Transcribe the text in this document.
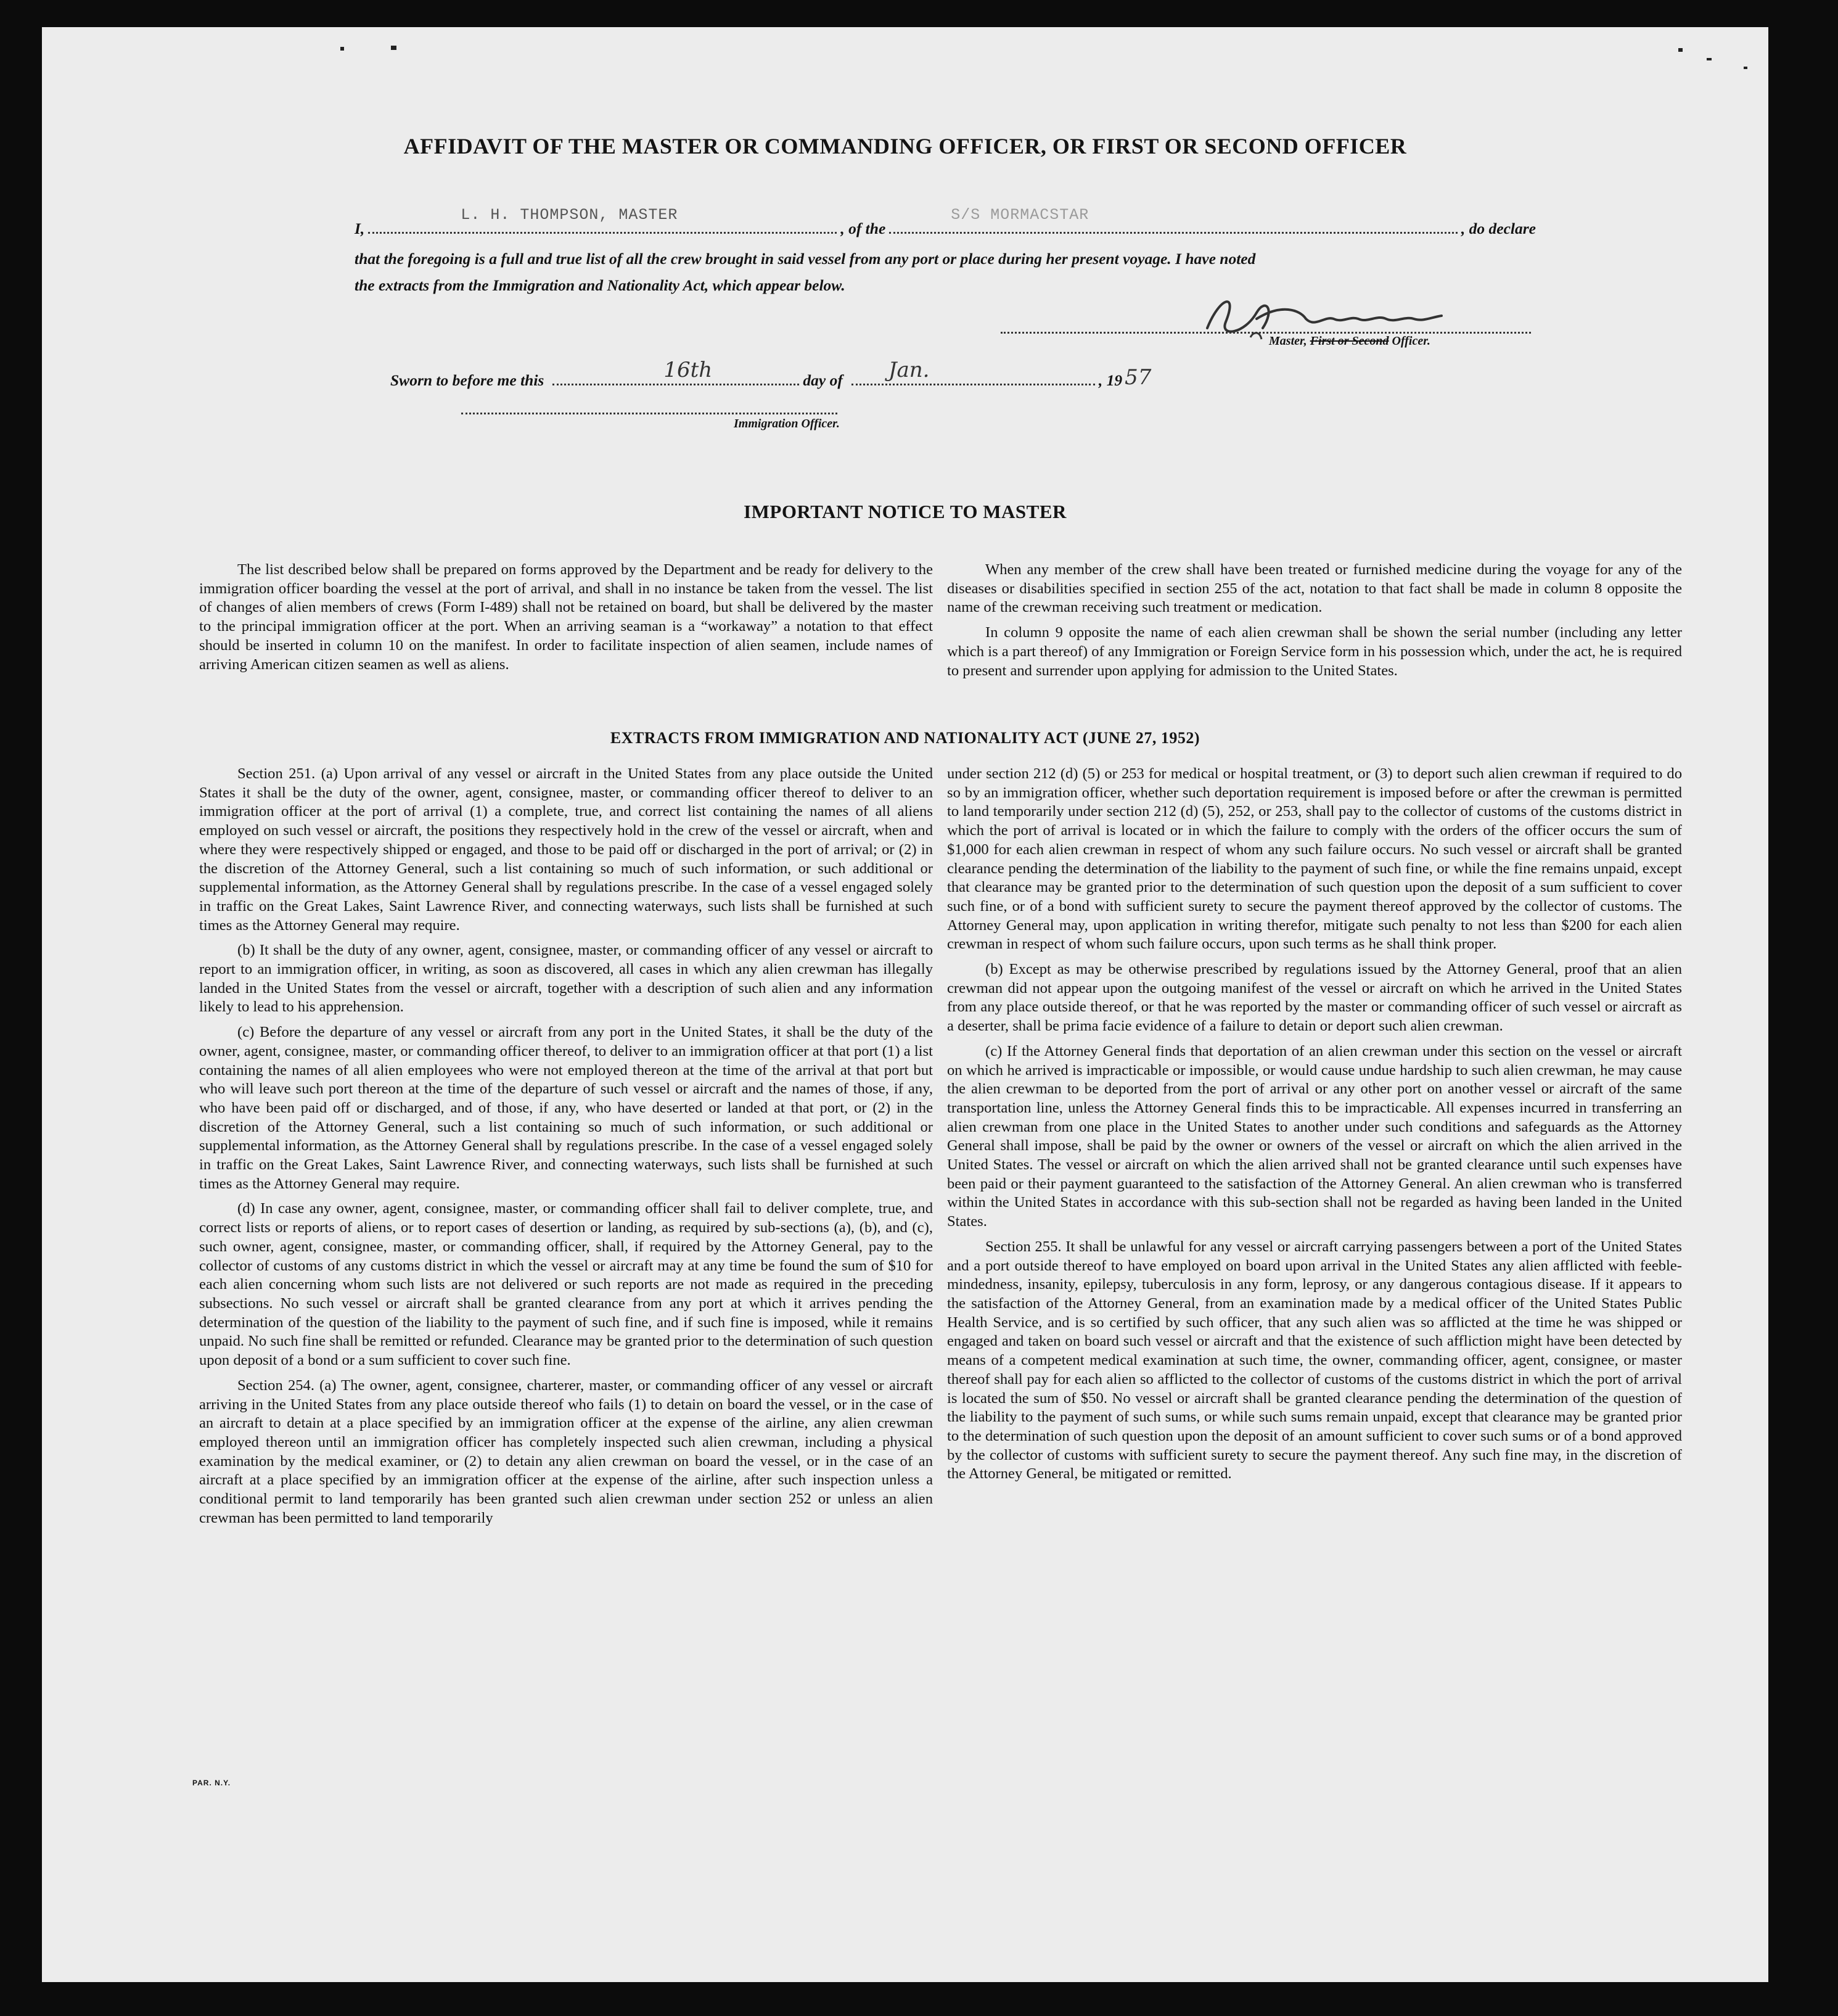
AFFIDAVIT OF THE MASTER OR COMMANDING OFFICER, OR FIRST OR SECOND OFFICER
I,
L. H. THOMPSON, MASTER
, of the
S/S MORMACSTAR
, do declare
that the foregoing is a full and true list of all the crew brought in said vessel from any port or place during her present voyage. I have noted
the extracts from the Immigration and Nationality Act, which appear below.
Master, First or Second Officer.
Sworn to before me this	16th	day of Jan.	, 19 57
Immigration Officer.
IMPORTANT NOTICE TO MASTER

The list described below shall be prepared on forms approved by the Department and be ready for delivery to the immigration officer boarding the vessel at the port of arrival, and shall in no instance be taken from the vessel. The list of changes of alien members of crews (Form I-489) shall not be retained on board, but shall be delivered by the master to the principal immigration officer at the port. When an arriving seaman is a “workaway” a notation to that effect should be inserted in column 10 on the manifest. In order to facilitate inspection of alien seamen, include names of arriving American citizen seamen as well as aliens.

When any member of the crew shall have been treated or furnished medicine during the voyage for any of the diseases or disabilities specified in section 255 of the act, notation to that fact shall be made in column 8 opposite the name of the crewman receiving such treatment or medication.

In column 9 opposite the name of each alien crewman shall be shown the serial number (including any letter which is a part thereof) of any Immigration or Foreign Service form in his possession which, under the act, he is required to present and surrender upon applying for admission to the United States.

EXTRACTS FROM IMMIGRATION AND NATIONALITY ACT (JUNE 27, 1952)

Section 251. (a) Upon arrival of any vessel or aircraft in the United States from any place outside the United States it shall be the duty of the owner, agent, consignee, master, or commanding officer thereof to deliver to an immigration officer at the port of arrival (1) a complete, true, and correct list containing the names of all aliens employed on such vessel or aircraft, the positions they respectively hold in the crew of the vessel or aircraft, when and where they were respectively shipped or engaged, and those to be paid off or discharged in the port of arrival; or (2) in the discretion of the Attorney General, such a list containing so much of such information, or such additional or supplemental information, as the Attorney General shall by regulations prescribe. In the case of a vessel engaged solely in traffic on the Great Lakes, Saint Lawrence River, and connecting waterways, such lists shall be furnished at such times as the Attorney General may require.

(b) It shall be the duty of any owner, agent, consignee, master, or commanding officer of any vessel or aircraft to report to an immigration officer, in writing, as soon as discovered, all cases in which any alien crewman has illegally landed in the United States from the vessel or aircraft, together with a description of such alien and any information likely to lead to his apprehension.

(c) Before the departure of any vessel or aircraft from any port in the United States, it shall be the duty of the owner, agent, consignee, master, or commanding officer thereof, to deliver to an immigration officer at that port (1) a list containing the names of all alien employees who were not employed thereon at the time of the arrival at that port but who will leave such port thereon at the time of the departure of such vessel or aircraft and the names of those, if any, who have been paid off or discharged, and of those, if any, who have deserted or landed at that port, or (2) in the discretion of the Attorney General, such a list containing so much of such information, or such additional or supplemental information, as the Attorney General shall by regulations prescribe. In the case of a vessel engaged solely in traffic on the Great Lakes, Saint Lawrence River, and connecting waterways, such lists shall be furnished at such times as the Attorney General may require.

(d) In case any owner, agent, consignee, master, or commanding officer shall fail to deliver complete, true, and correct lists or reports of aliens, or to report cases of desertion or landing, as required by sub-sections (a), (b), and (c), such owner, agent, consignee, master, or commanding officer, shall, if required by the Attorney General, pay to the collector of customs of any customs district in which the vessel or aircraft may at any time be found the sum of $10 for each alien concerning whom such lists are not delivered or such reports are not made as required in the preceding subsections. No such vessel or aircraft shall be granted clearance from any port at which it arrives pending the determination of the question of the liability to the payment of such fine, and if such fine is imposed, while it remains unpaid. No such fine shall be remitted or refunded. Clearance may be granted prior to the determination of such question upon deposit of a bond or a sum sufficient to cover such fine.

Section 254. (a) The owner, agent, consignee, charterer, master, or commanding officer of any vessel or aircraft arriving in the United States from any place outside thereof who fails (1) to detain on board the vessel, or in the case of an aircraft to detain at a place specified by an immigration officer at the expense of the airline, any alien crewman employed thereon until an immigration officer has completely inspected such alien crewman, including a physical examination by the medical examiner, or (2) to detain any alien crewman on board the vessel, or in the case of an aircraft at a place specified by an immigration officer at the expense of the airline, after such inspection unless a conditional permit to land temporarily has been granted such alien crewman under section 252 or unless an alien crewman has been permitted to land temporarily

under section 212 (d) (5) or 253 for medical or hospital treatment, or (3) to deport such alien crewman if required to do so by an immigration officer, whether such deportation requirement is imposed before or after the crewman is permitted to land temporarily under section 212 (d) (5), 252, or 253, shall pay to the collector of customs of the customs district in which the port of arrival is located or in which the failure to comply with the orders of the officer occurs the sum of $1,000 for each alien crewman in respect of whom any such failure occurs. No such vessel or aircraft shall be granted clearance pending the determination of the liability to the payment of such fine, or while the fine remains unpaid, except that clearance may be granted prior to the determination of such question upon the deposit of a sum sufficient to cover such fine, or of a bond with sufficient surety to secure the payment thereof approved by the collector of customs. The Attorney General may, upon application in writing therefor, mitigate such penalty to not less than $200 for each alien crewman in respect of whom such failure occurs, upon such terms as he shall think proper.

(b) Except as may be otherwise prescribed by regulations issued by the Attorney General, proof that an alien crewman did not appear upon the outgoing manifest of the vessel or aircraft on which he arrived in the United States from any place outside thereof, or that he was reported by the master or commanding officer of such vessel or aircraft as a deserter, shall be prima facie evidence of a failure to detain or deport such alien crewman.

(c) If the Attorney General finds that deportation of an alien crewman under this section on the vessel or aircraft on which he arrived is impracticable or impossible, or would cause undue hardship to such alien crewman, he may cause the alien crewman to be deported from the port of arrival or any other port on another vessel or aircraft of the same transportation line, unless the Attorney General finds this to be impracticable. All expenses incurred in transferring an alien crewman from one place in the United States to another under such conditions and safeguards as the Attorney General shall impose, shall be paid by the owner or owners of the vessel or aircraft on which the alien arrived in the United States. The vessel or aircraft on which the alien arrived shall not be granted clearance until such expenses have been paid or their payment guaranteed to the satisfaction of the Attorney General. An alien crewman who is transferred within the United States in accordance with this sub-section shall not be regarded as having been landed in the United States.

Section 255. It shall be unlawful for any vessel or aircraft carrying passengers between a port of the United States and a port outside thereof to have employed on board upon arrival in the United States any alien afflicted with feeble-mindedness, insanity, epilepsy, tuberculosis in any form, leprosy, or any dangerous contagious disease. If it appears to the satisfaction of the Attorney General, from an examination made by a medical officer of the United States Public Health Service, and is so certified by such officer, that any such alien was so afflicted at the time he was shipped or engaged and taken on board such vessel or aircraft and that the existence of such affliction might have been detected by means of a competent medical examination at such time, the owner, commanding officer, agent, consignee, or master thereof shall pay for each alien so afflicted to the collector of customs of the customs district in which the port of arrival is located the sum of $50. No vessel or aircraft shall be granted clearance pending the determination of the question of the liability to the payment of such sums, or while such sums remain unpaid, except that clearance may be granted prior to the determination of such question upon the deposit of an amount sufficient to cover such sums or of a bond approved by the collector of customs with sufficient surety to secure the payment thereof. Any such fine may, in the discretion of the Attorney General, be mitigated or remitted.

PAR. N.Y.
